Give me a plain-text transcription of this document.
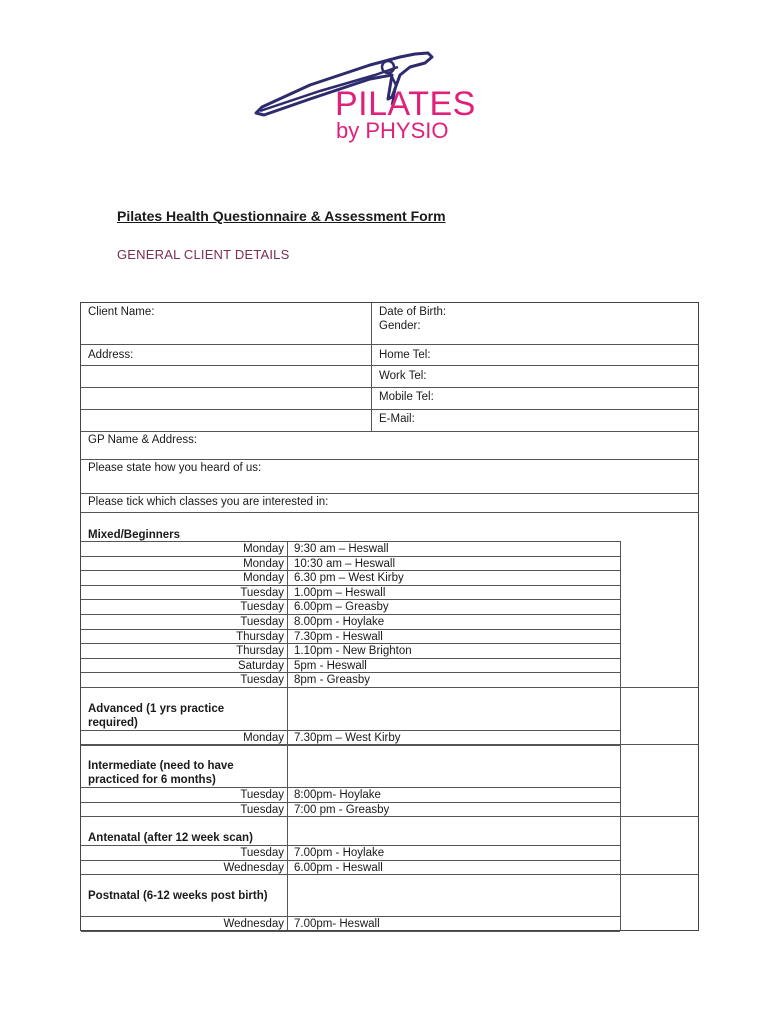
PILATES
by PHYSIO
Pilates Health Questionnaire & Assessment Form
GENERAL CLIENT DETAILS
Client Name:	Date of Birth:
Gender:
Address:	Home Tel:
Work Tel:
Mobile Tel:
E-Mail:
GP Name & Address:
Please state how you heard of us:
Please tick which classes you are interested in:
Mixed/Beginners
Advanced (1 yrs practice required)
Intermediate (need to have practiced for 6 months)
Antenatal (after 12 week scan)
Postnatal (6-12 weeks post birth)
Monday 9:30 am – Heswall
Monday 10:30 am – Heswall
Monday 6.30 pm – West Kirby
Tuesday 1.00pm – Heswall
Tuesday 6.00pm – Greasby
Tuesday 8.00pm - Hoylake
Thursday 7.30pm - Heswall
Thursday 1.10pm - New Brighton
Saturday 5pm - Heswall
Tuesday 8pm - Greasby
Monday 7.30pm – West Kirby
Tuesday 8:00pm- Hoylake
Tuesday 7:00 pm - Greasby
Tuesday 7.00pm - Hoylake
Wednesday 6.00pm - Heswall
Wednesday 7.00pm- Heswall
